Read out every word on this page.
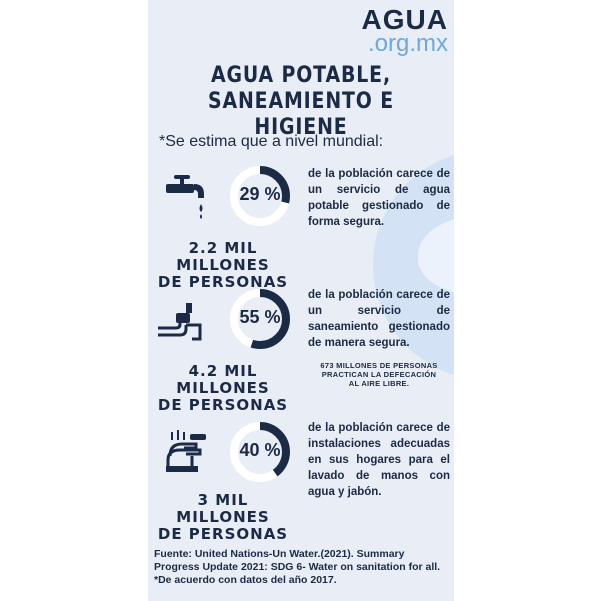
AGUA
.org.mx
AGUA POTABLE,
SANEAMIENTO E HIGIENE
*Se estima que a nivel mundial:
29 %
de la población carece de un servicio de agua potable gestionado de forma segura.
2.2 MIL MILLONES
DE PERSONAS
55 %
de la población carece de un servicio de saneamiento gestionado de manera segura.
673 MILLONES DE PERSONAS
PRACTICAN LA DEFECACIÓN
AL AIRE LIBRE.
4.2 MIL MILLONES
DE PERSONAS
40 %
de la población carece de instalaciones adecuadas en sus hogares para el lavado de manos con agua y jabón.
3 MIL MILLONES
DE PERSONAS
Fuente: United Nations-Un Water.(2021). Summary Progress Update 2021: SDG 6- Water on sanitation for all.
*De acuerdo con datos del año 2017.
